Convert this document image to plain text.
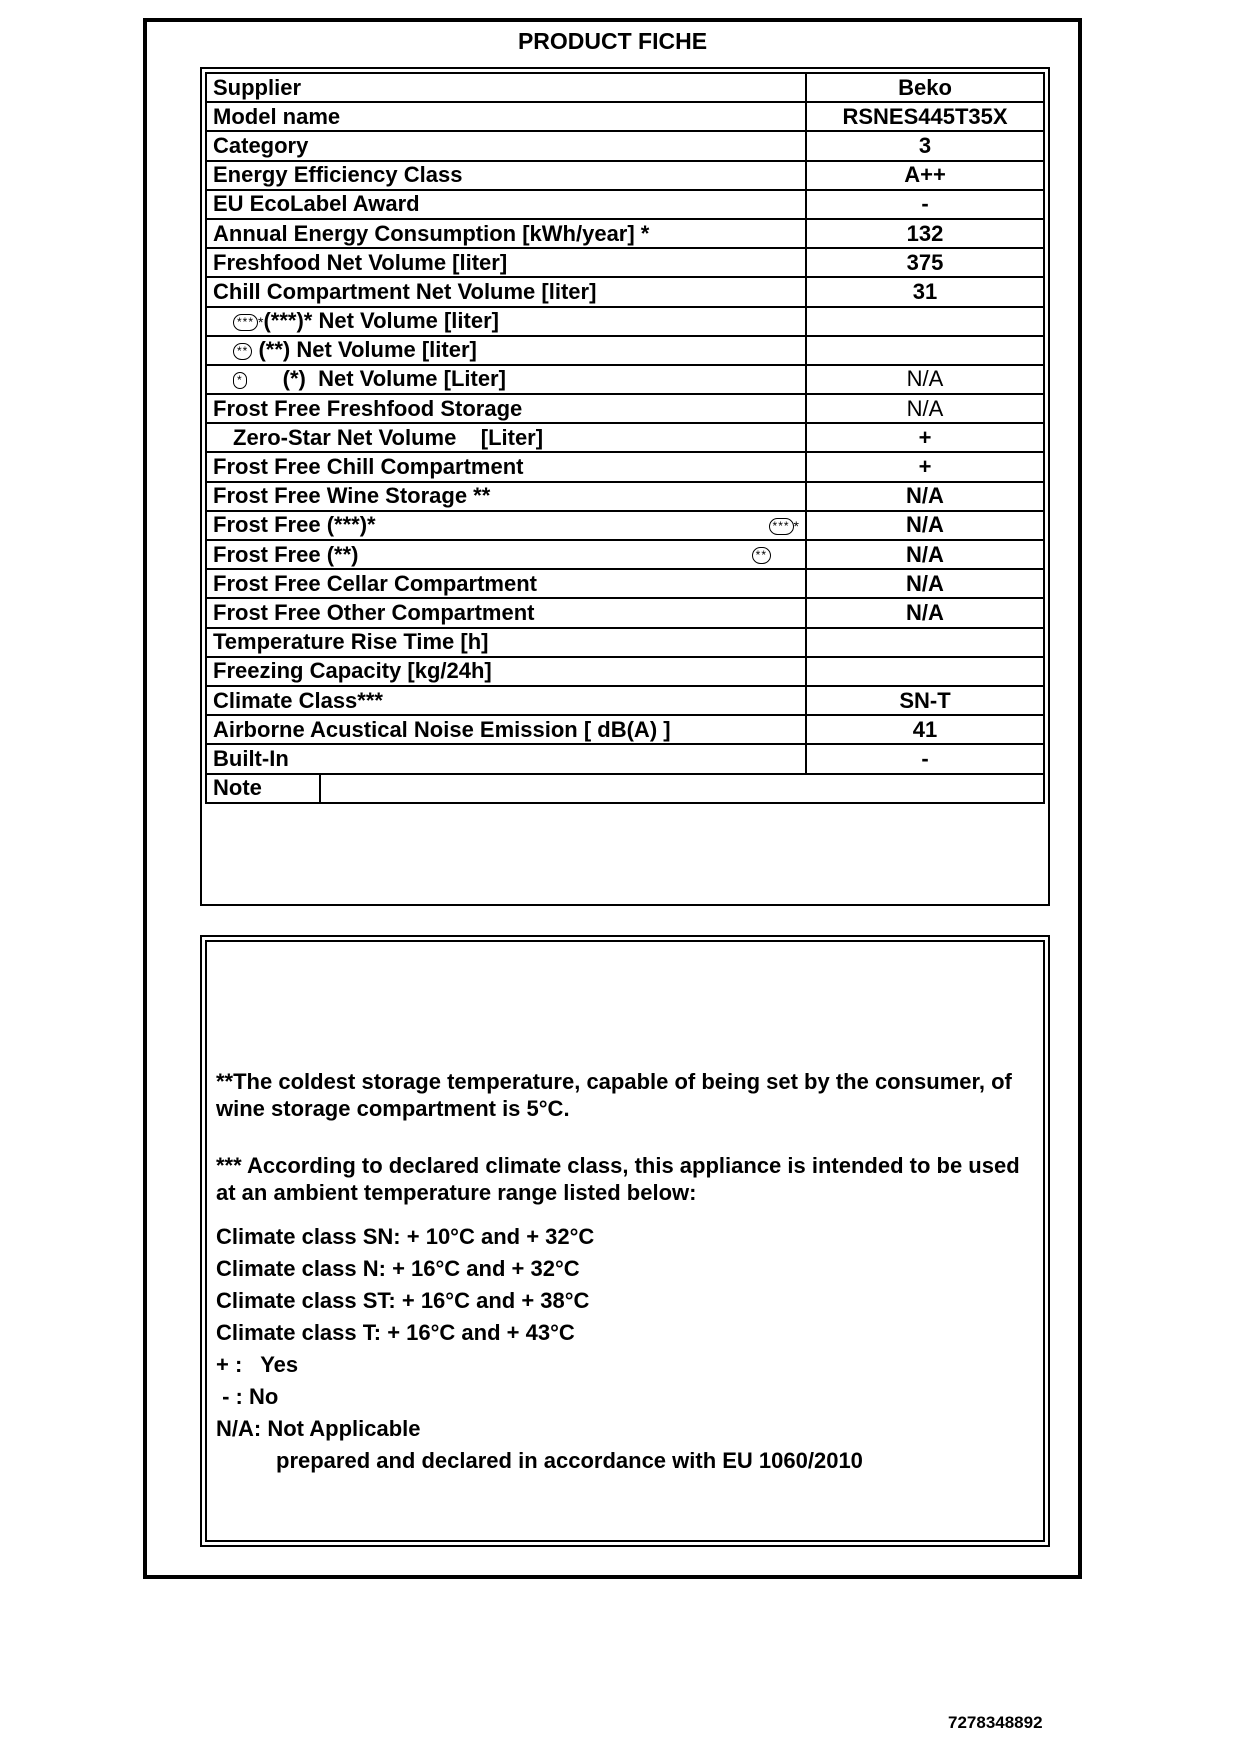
PRODUCT FICHE
Supplier	Beko
Model name	RSNES445T35X
Category	3
Energy Efficiency Class	A++
EU EcoLabel Award	-
Annual Energy Consumption [kWh/year] *	132
Freshfood Net Volume [liter]	375
Chill Compartment Net Volume [liter]	31
*** *(***)* Net Volume [liter]	
** (**) Net Volume [liter]	
* (*)  Net Volume [Liter]	N/A
Frost Free Freshfood Storage	N/A
Zero-Star Net Volume    [Liter]	+
Frost Free Chill Compartment	+
Frost Free Wine Storage **	N/A
Frost Free (***)* *** *	N/A
Frost Free (**) **	N/A
Frost Free Cellar Compartment	N/A
Frost Free Other Compartment	N/A
Temperature Rise Time [h]	
Freezing Capacity [kg/24h]	
Climate Class***	SN-T
Airborne Acustical Noise Emission [ dB(A) ]	41
Built-In	-

Note	
**The coldest storage temperature, capable of being set by the consumer, of wine storage compartment is 5°C.
*** According to declared climate class, this appliance is intended to be used at an ambient temperature range listed below:
Climate class SN: + 10°C and + 32°C
Climate class N: + 16°C and + 32°C
Climate class ST: + 16°C and + 38°C
Climate class T: + 16°C and + 43°C
+ :   Yes
- : No
N/A: Not Applicable
prepared and declared in accordance with EU 1060/2010
7278348892
